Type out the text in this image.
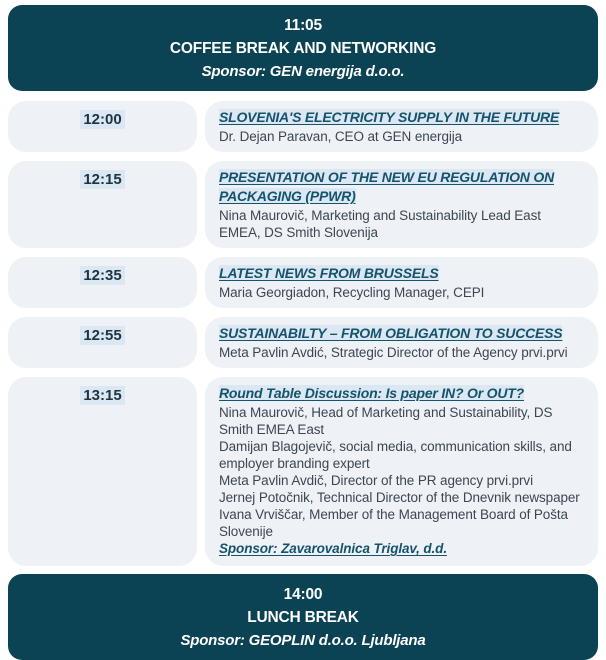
11:05
COFFEE BREAK AND NETWORKING
Sponsor: GEN energija d.o.o.
12:00	SLOVENIA'S ELECTRICITY SUPPLY IN THE FUTURE
Dr. Dejan Paravan, CEO at GEN energija
12:15	PRESENTATION OF THE NEW EU REGULATION ON PACKAGING (PPWR)
Nina Maurovič, Marketing and Sustainability Lead East EMEA, DS Smith Slovenija
12:35	LATEST NEWS FROM BRUSSELS
Maria Georgiadon, Recycling Manager, CEPI
12:55	SUSTAINABILTY – FROM OBLIGATION TO SUCCESS
Meta Pavlin Avdić, Strategic Director of the Agency prvi.prvi
13:15	Round Table Discussion: Is paper IN? Or OUT?
Nina Maurovič, Head of Marketing and Sustainability, DS Smith EMEA East
Damijan Blagojevič, social media, communication skills, and employer branding expert
Meta Pavlin Avdič, Director of the PR agency prvi.prvi
Jernej Potočnik, Technical Director of the Dnevnik newspaper
Ivana Vrviščar, Member of the Management Board of Pošta Slovenije
Sponsor: Zavarovalnica Triglav, d.d.
14:00
LUNCH BREAK
Sponsor: GEOPLIN d.o.o. Ljubljana
